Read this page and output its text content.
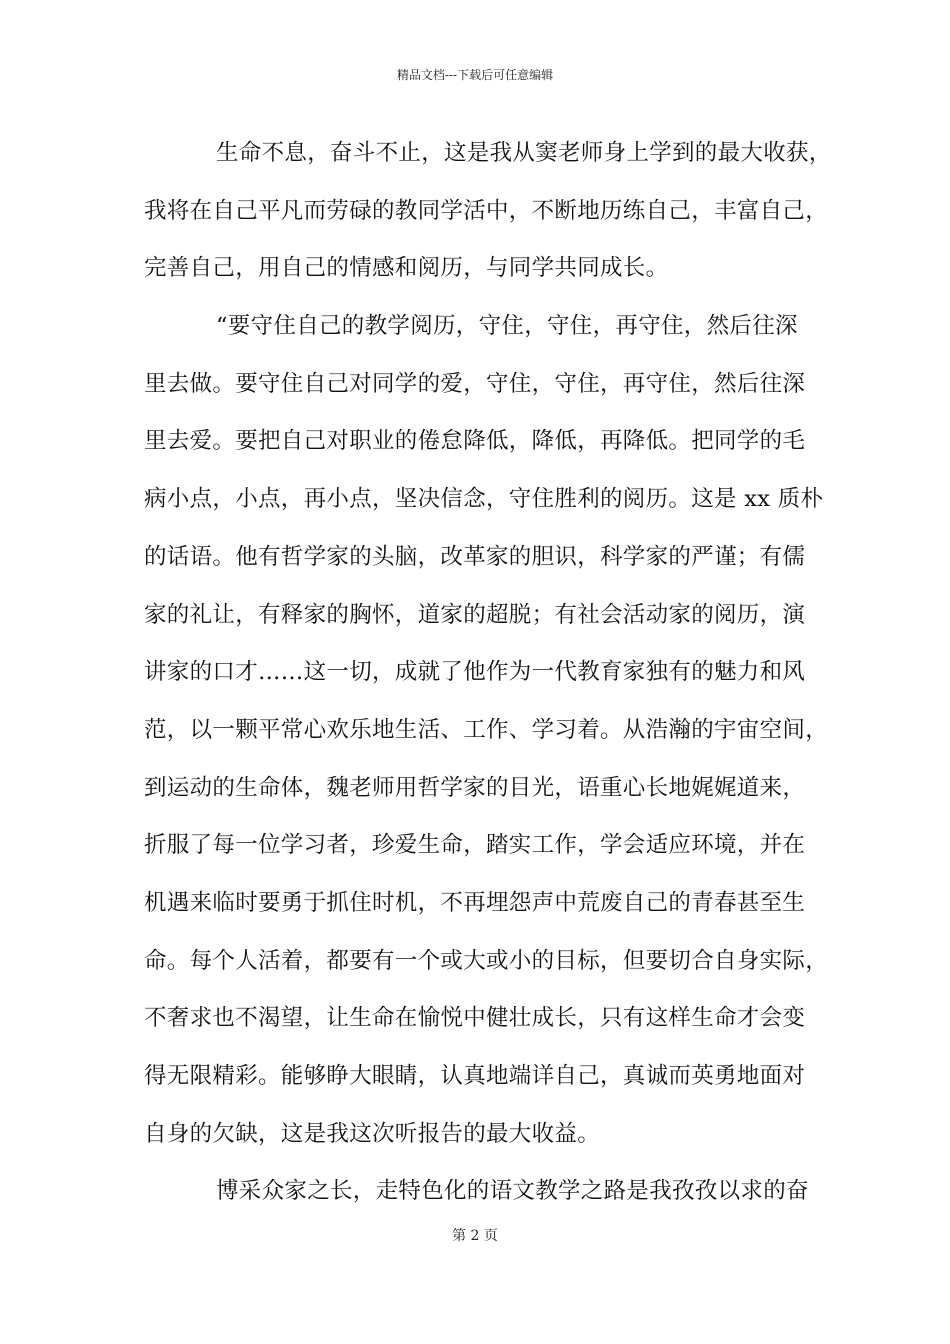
精品文档---下载后可任意编辑
生命不息，奋斗不止，这是我从窦老师身上学到的最大收获，
我将在自己平凡而劳碌的教同学活中，不断地历练自己，丰富自己，
完善自己，用自己的情感和阅历，与同学共同成长。
“要守住自己的教学阅历，守住，守住，再守住，然后往深
里去做。要守住自己对同学的爱，守住，守住，再守住，然后往深
里去爱。要把自己对职业的倦怠降低，降低，再降低。把同学的毛
病小点，小点，再小点，坚决信念，守住胜利的阅历。这是 xx 质朴
的话语。他有哲学家的头脑，改革家的胆识，科学家的严谨；有儒
家的礼让，有释家的胸怀，道家的超脱；有社会活动家的阅历，演
讲家的口才……这一切，成就了他作为一代教育家独有的魅力和风
范，以一颗平常心欢乐地生活、工作、学习着。从浩瀚的宇宙空间，
到运动的生命体，魏老师用哲学家的目光，语重心长地娓娓道来，
折服了每一位学习者，珍爱生命，踏实工作，学会适应环境，并在
机遇来临时要勇于抓住时机，不再埋怨声中荒废自己的青春甚至生
命。每个人活着，都要有一个或大或小的目标，但要切合自身实际，
不奢求也不渴望，让生命在愉悦中健壮成长，只有这样生命才会变
得无限精彩。能够睁大眼睛，认真地端详自己，真诚而英勇地面对
自身的欠缺，这是我这次听报告的最大收益。
博采众家之长，走特色化的语文教学之路是我孜孜以求的奋
第 2 页
